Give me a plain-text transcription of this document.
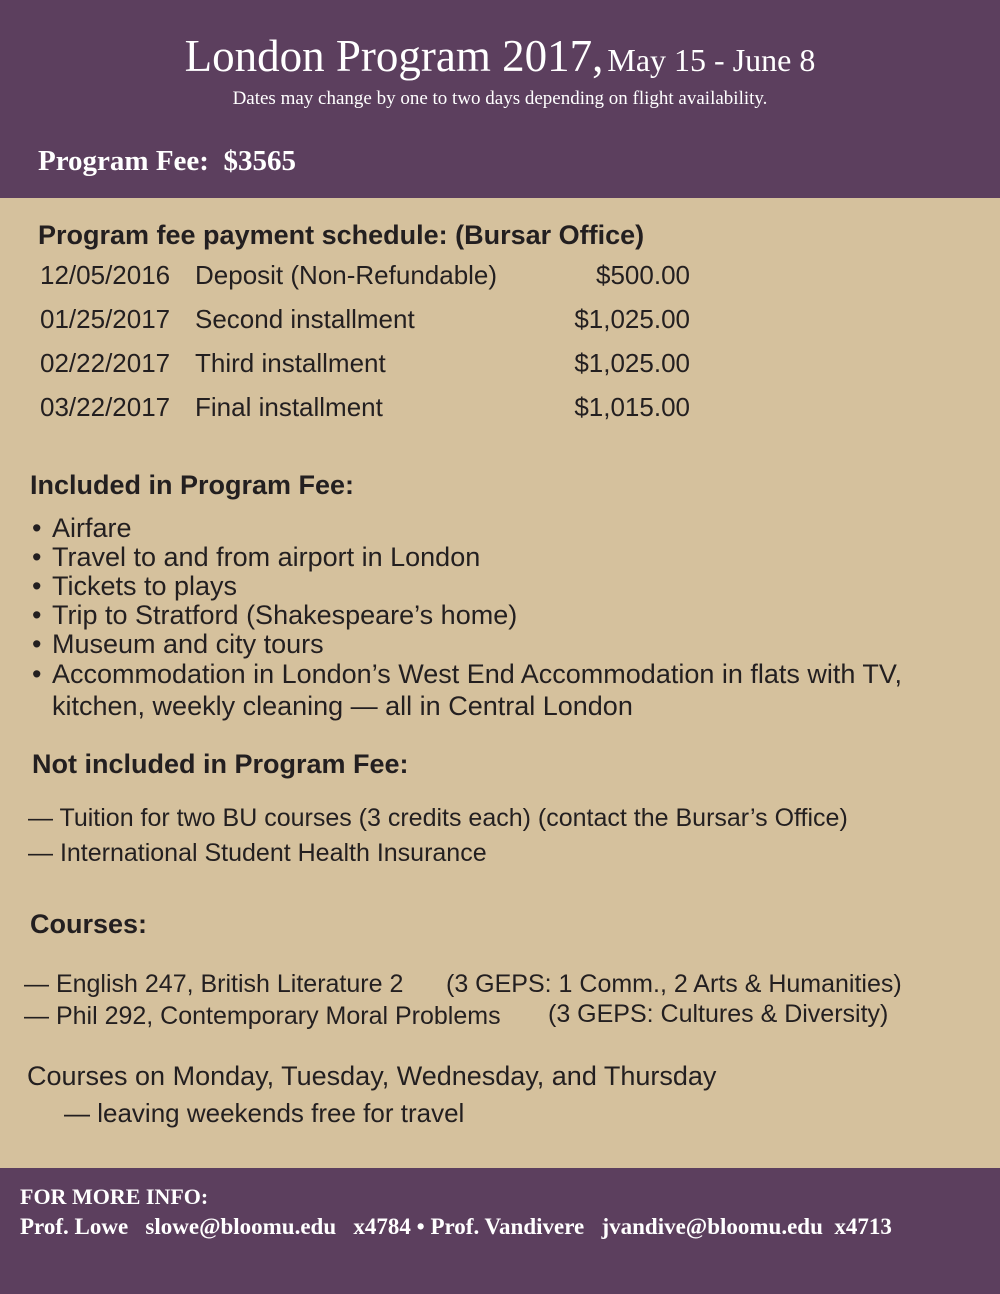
London Program 2017, May 15 - June 8
Dates may change by one to two days depending on flight availability.
Program Fee: $3565
Program fee payment schedule: (Bursar Office)
12/05/2016 Deposit (Non-Refundable)	$500.00
01/25/2017 Second installment	$1,025.00
02/22/2017 Third installment	$1,025.00
03/22/2017 Final installment	$1,015.00
Included in Program Fee:
• Airfare
• Travel to and from airport in London
• Tickets to plays
• Trip to Stratford (Shakespeare’s home)
• Museum and city tours
• Accommodation in London’s West End Accommodation in flats with TV, kitchen, weekly cleaning — all in Central London
Not included in Program Fee:
— Tuition for two BU courses (3 credits each) (contact the Bursar’s Office)
— International Student Health Insurance
Courses:
— English 247, British Literature 2 (3 GEPS: 1 Comm., 2 Arts & Humanities)
— Phil 292, Contemporary Moral Problems (3 GEPS: Cultures & Diversity)
Courses on Monday, Tuesday, Wednesday, and Thursday
— leaving weekends free for travel
FOR MORE INFO:
Prof. Lowe   slowe@bloomu.edu   x4784 • Prof. Vandivere   jvandive@bloomu.edu  x4713
